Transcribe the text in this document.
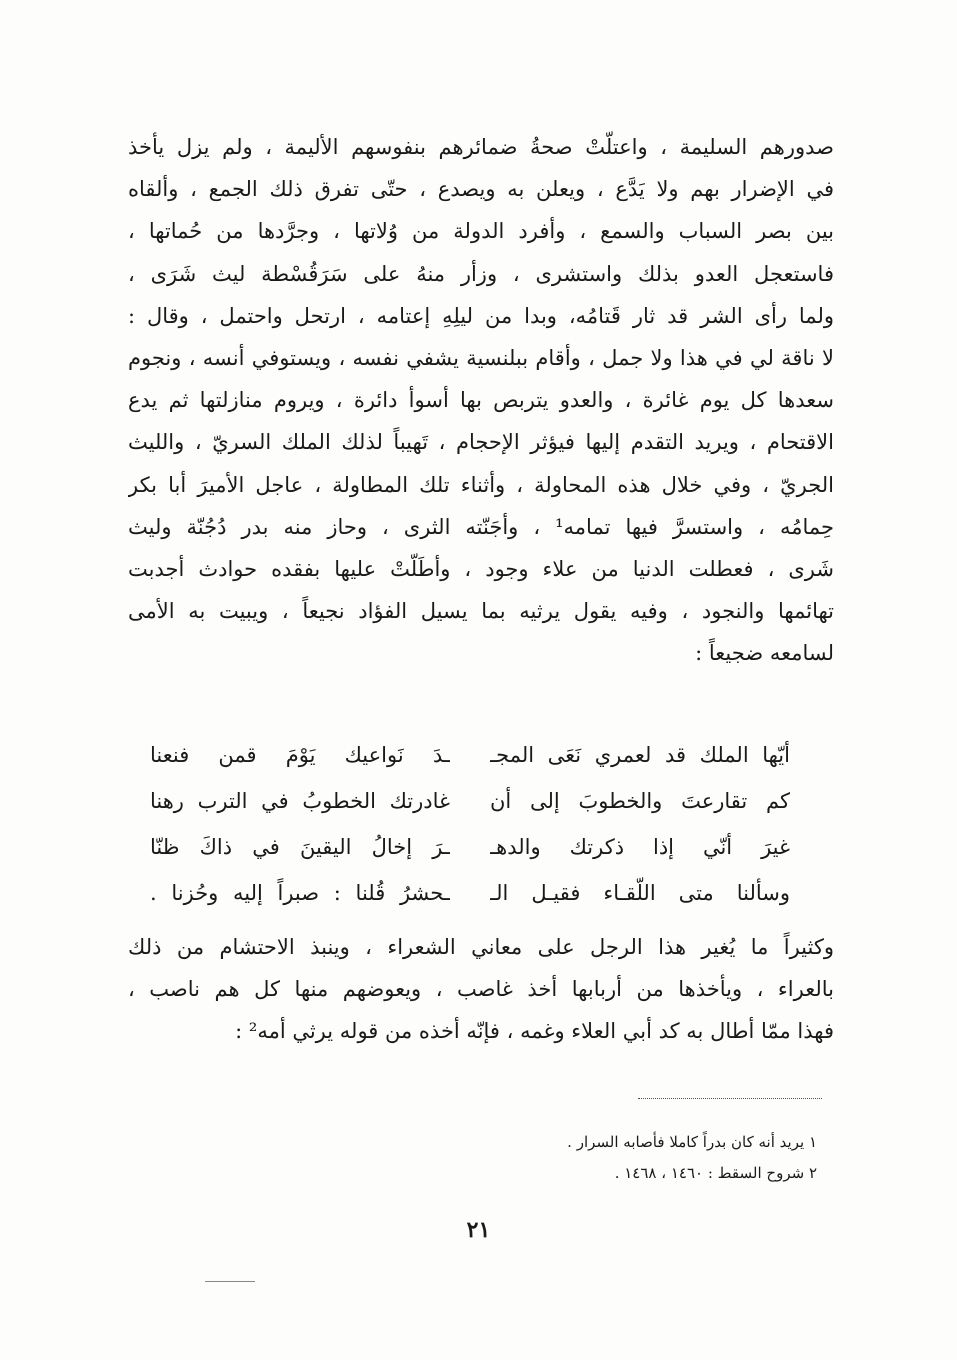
صدورهم السليمة ، واعتلّتْ صحةُ ضمائرهم بنفوسهم الأليمة ، ولم يزل يأخذ
في الإضرار بهم ولا يَدَّع ، ويعلن به ويصدع ، حتّى تفرق ذلك الجمع ، وألقاه
بين بصر السباب والسمع ، وأفرد الدولة من وُلاتها ، وجرَّدها من حُماتها ،
فاستعجل العدو بذلك واستشرى ، وزأر منهُ على سَرَقُسْطة ليث شَرَى ،
ولما رأى الشر قد ثار قَتامُه، وبدا من ليلِهِ إعتامه ، ارتحل واحتمل ، وقال :
لا ناقة لي في هذا ولا جمل ، وأقام ببلنسية يشفي نفسه ، ويستوفي أنسه ، ونجوم
سعدها كل يوم غائرة ، والعدو يتربص بها أسوأ دائرة ، ويروم منازلتها ثم يدع
الاقتحام ، ويريد التقدم إليها فيؤثر الإحجام ، تَهيباً لذلك الملك السريّ ، والليث
الجريّ ، وفي خلال هذه المحاولة ، وأثناء تلك المطاولة ، عاجل الأميرَ أبا بكر
حِمامُه ، واستسرَّ فيها تمامه¹ ، وأجَنّته الثرى ، وحاز منه بدر دُجُنّة وليث
شَرى ، فعطلت الدنيا من علاء وجود ، وأطَلّتْ عليها بفقده حوادث أجدبت
تهائمها والنجود ، وفيه يقول يرثيه بما يسيل الفؤاد نجيعاً ، ويبيت به الأمى
لسامعه ضجيعاً :
أيّها الملك قد لعمري نَعَى المجـ
ـدَ نَواعيك يَوْمَ قمن فنعنا
كم تقارعتَ والخطوبَ إلى أن
غادرتك الخطوبُ في الترب رهنا
غيرَ أنّي إذا ذكرتك والدهـ
ـرَ إخالُ اليقينَ في ذاكَ ظنّا
وسألنا متى اللّقـاء فقيـل الـ
ـحشرُ قُلنا : صبراً إليه وحُزنا .
وكثيراً ما يُغير هذا الرجل على معاني الشعراء ، وينبذ الاحتشام من ذلك
بالعراء ، ويأخذها من أربابها أخذ غاصب ، ويعوضهم منها كل هم ناصب ،
فهذا ممّا أطال به كد أبي العلاء وغمه ، فإنّه أخذه من قوله يرثي أمه² :
١ يريد أنه كان بدراً كاملا فأصابه السرار .
٢ شروح السقط : ١٤٦٠ ، ١٤٦٨ .
٢١
